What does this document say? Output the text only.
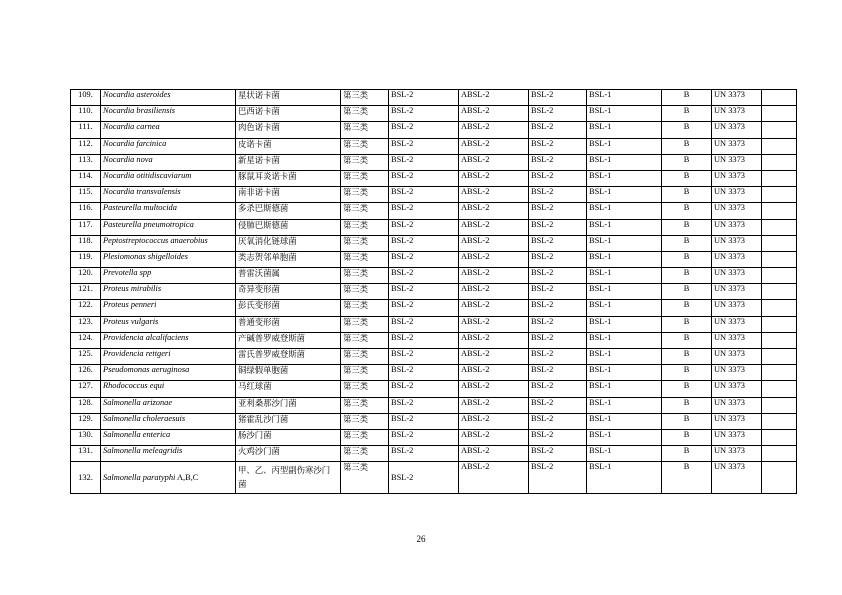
109.	Nocardia asteroides	星状诺卡菌	第三类	BSL-2	ABSL-2	BSL-2	BSL-1	B	UN 3373	
110.	Nocardia brasiliensis	巴西诺卡菌	第三类	BSL-2	ABSL-2	BSL-2	BSL-1	B	UN 3373	
111.	Nocardia carnea	肉色诺卡菌	第三类	BSL-2	ABSL-2	BSL-2	BSL-1	B	UN 3373	
112.	Nocardia farcinica	皮诺卡菌	第三类	BSL-2	ABSL-2	BSL-2	BSL-1	B	UN 3373	
113.	Nocardia nova	新星诺卡菌	第三类	BSL-2	ABSL-2	BSL-2	BSL-1	B	UN 3373	
114.	Nocardia otitidiscaviarum	豚鼠耳炎诺卡菌	第三类	BSL-2	ABSL-2	BSL-2	BSL-1	B	UN 3373	
115.	Nocardia transvalensis	南非诺卡菌	第三类	BSL-2	ABSL-2	BSL-2	BSL-1	B	UN 3373	
116.	Pasteurella multocida	多杀巴斯德菌	第三类	BSL-2	ABSL-2	BSL-2	BSL-1	B	UN 3373	
117.	Pasteurella pneumotropica	侵肺巴斯德菌	第三类	BSL-2	ABSL-2	BSL-2	BSL-1	B	UN 3373	
118.	Peptostreptococcus anaerobius	厌氧消化链球菌	第三类	BSL-2	ABSL-2	BSL-2	BSL-1	B	UN 3373	
119.	Plesiomonas shigelloides	类志贺邻单胞菌	第三类	BSL-2	ABSL-2	BSL-2	BSL-1	B	UN 3373	
120.	Prevotella spp	普雷沃菌属	第三类	BSL-2	ABSL-2	BSL-2	BSL-1	B	UN 3373	
121.	Proteus mirabilis	奇异变形菌	第三类	BSL-2	ABSL-2	BSL-2	BSL-1	B	UN 3373	
122.	Proteus penneri	彭氏变形菌	第三类	BSL-2	ABSL-2	BSL-2	BSL-1	B	UN 3373	
123.	Proteus vulgaris	普通变形菌	第三类	BSL-2	ABSL-2	BSL-2	BSL-1	B	UN 3373	
124.	Providencia alcalifaciens	产碱普罗威登斯菌	第三类	BSL-2	ABSL-2	BSL-2	BSL-1	B	UN 3373	
125.	Providencia rettgeri	雷氏普罗威登斯菌	第三类	BSL-2	ABSL-2	BSL-2	BSL-1	B	UN 3373	
126.	Pseudomonas aeruginosa	铜绿假单胞菌	第三类	BSL-2	ABSL-2	BSL-2	BSL-1	B	UN 3373	
127.	Rhodococcus equi	马红球菌	第三类	BSL-2	ABSL-2	BSL-2	BSL-1	B	UN 3373	
128.	Salmonella arizonae	亚利桑那沙门菌	第三类	BSL-2	ABSL-2	BSL-2	BSL-1	B	UN 3373	
129.	Salmonella choleraesuis	猪霍乱沙门菌	第三类	BSL-2	ABSL-2	BSL-2	BSL-1	B	UN 3373	
130.	Salmonella enterica	肠沙门菌	第三类	BSL-2	ABSL-2	BSL-2	BSL-1	B	UN 3373	
131.	Salmonella meleagridis	火鸡沙门菌	第三类	BSL-2	ABSL-2	BSL-2	BSL-1	B	UN 3373	
132.	Salmonella paratyphi A,B,C	甲、乙、丙型副伤寒沙门菌	第三类	BSL-2	ABSL-2	BSL-2	BSL-1	B	UN 3373	
26
